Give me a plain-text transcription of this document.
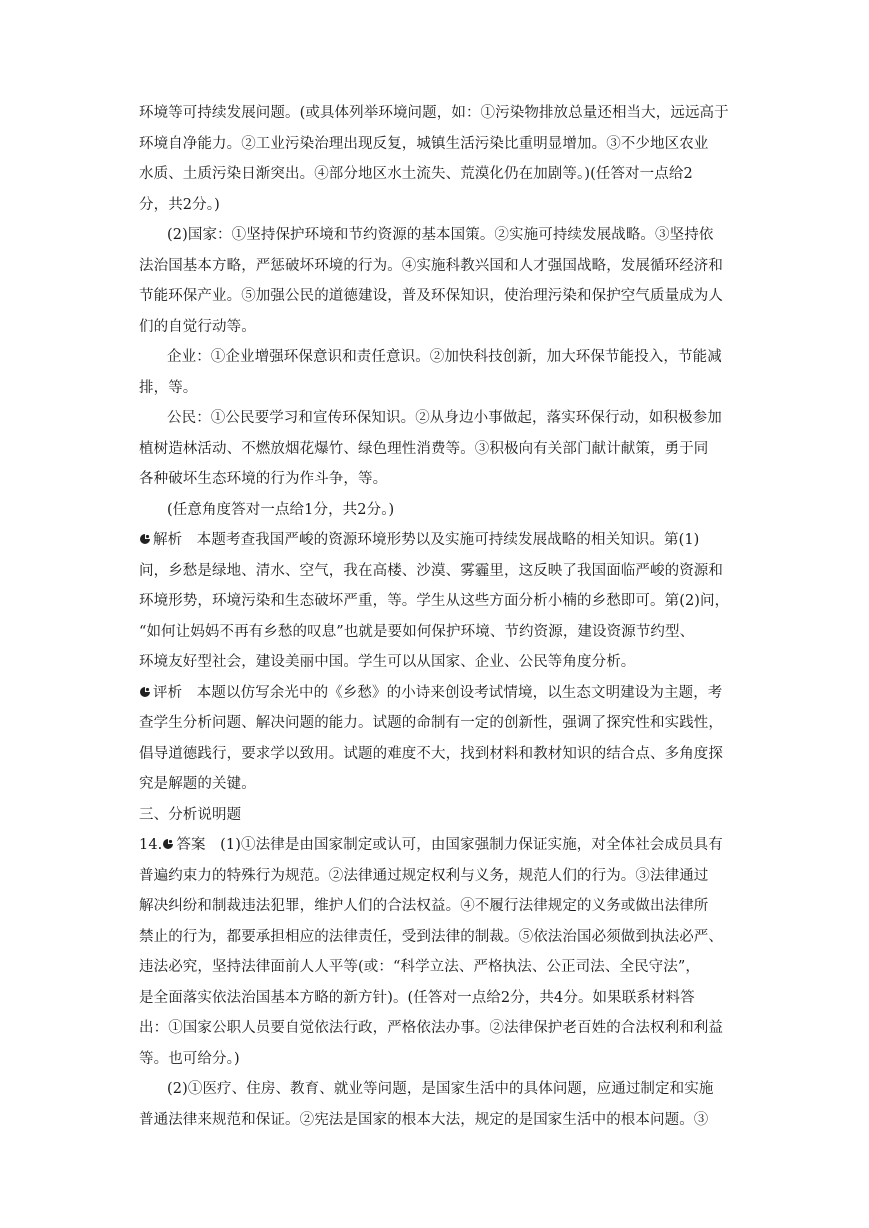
环境等可持续发展问题。(或具体列举环境问题，如：①污染物排放总量还相当大，远远高于
环境自净能力。②工业污染治理出现反复，城镇生活污染比重明显增加。③不少地区农业
水质、土质污染日渐突出。④部分地区水土流失、荒漠化仍在加剧等。)(任答对一点给2
分，共2分。)
(2)国家：①坚持保护环境和节约资源的基本国策。②实施可持续发展战略。③坚持依
法治国基本方略，严惩破坏环境的行为。④实施科教兴国和人才强国战略，发展循环经济和
节能环保产业。⑤加强公民的道德建设，普及环保知识，使治理污染和保护空气质量成为人
们的自觉行动等。
企业：①企业增强环保意识和责任意识。②加快科技创新，加大环保节能投入，节能减
排，等。
公民：①公民要学习和宣传环保知识。②从身边小事做起，落实环保行动，如积极参加
植树造林活动、不燃放烟花爆竹、绿色理性消费等。③积极向有关部门献计献策，勇于同
各种破坏生态环境的行为作斗争，等。
(任意角度答对一点给1分，共2分。)
解析　本题考查我国严峻的资源环境形势以及实施可持续发展战略的相关知识。第(1)
问，乡愁是绿地、清水、空气，我在高楼、沙漠、雾霾里，这反映了我国面临严峻的资源和
环境形势，环境污染和生态破坏严重，等。学生从这些方面分析小楠的乡愁即可。第(2)问，
“如何让妈妈不再有乡愁的叹息”也就是要如何保护环境、节约资源，建设资源节约型、
环境友好型社会，建设美丽中国。学生可以从国家、企业、公民等角度分析。
评析　本题以仿写余光中的《乡愁》的小诗来创设考试情境，以生态文明建设为主题，考
查学生分析问题、解决问题的能力。试题的命制有一定的创新性，强调了探究性和实践性，
倡导道德践行，要求学以致用。试题的难度不大，找到材料和教材知识的结合点、多角度探
究是解题的关键。
三、分析说明题
14. 答案　(1)①法律是由国家制定或认可，由国家强制力保证实施，对全体社会成员具有
普遍约束力的特殊行为规范。②法律通过规定权利与义务，规范人们的行为。③法律通过
解决纠纷和制裁违法犯罪，维护人们的合法权益。④不履行法律规定的义务或做出法律所
禁止的行为，都要承担相应的法律责任，受到法律的制裁。⑤依法治国必须做到执法必严、
违法必究，坚持法律面前人人平等(或：“科学立法、严格执法、公正司法、全民守法”，
是全面落实依法治国基本方略的新方针)。(任答对一点给2分，共4分。如果联系材料答
出：①国家公职人员要自觉依法行政，严格依法办事。②法律保护老百姓的合法权利和利益
等。也可给分。)
(2)①医疗、住房、教育、就业等问题，是国家生活中的具体问题，应通过制定和实施
普通法律来规范和保证。②宪法是国家的根本大法，规定的是国家生活中的根本问题。③
